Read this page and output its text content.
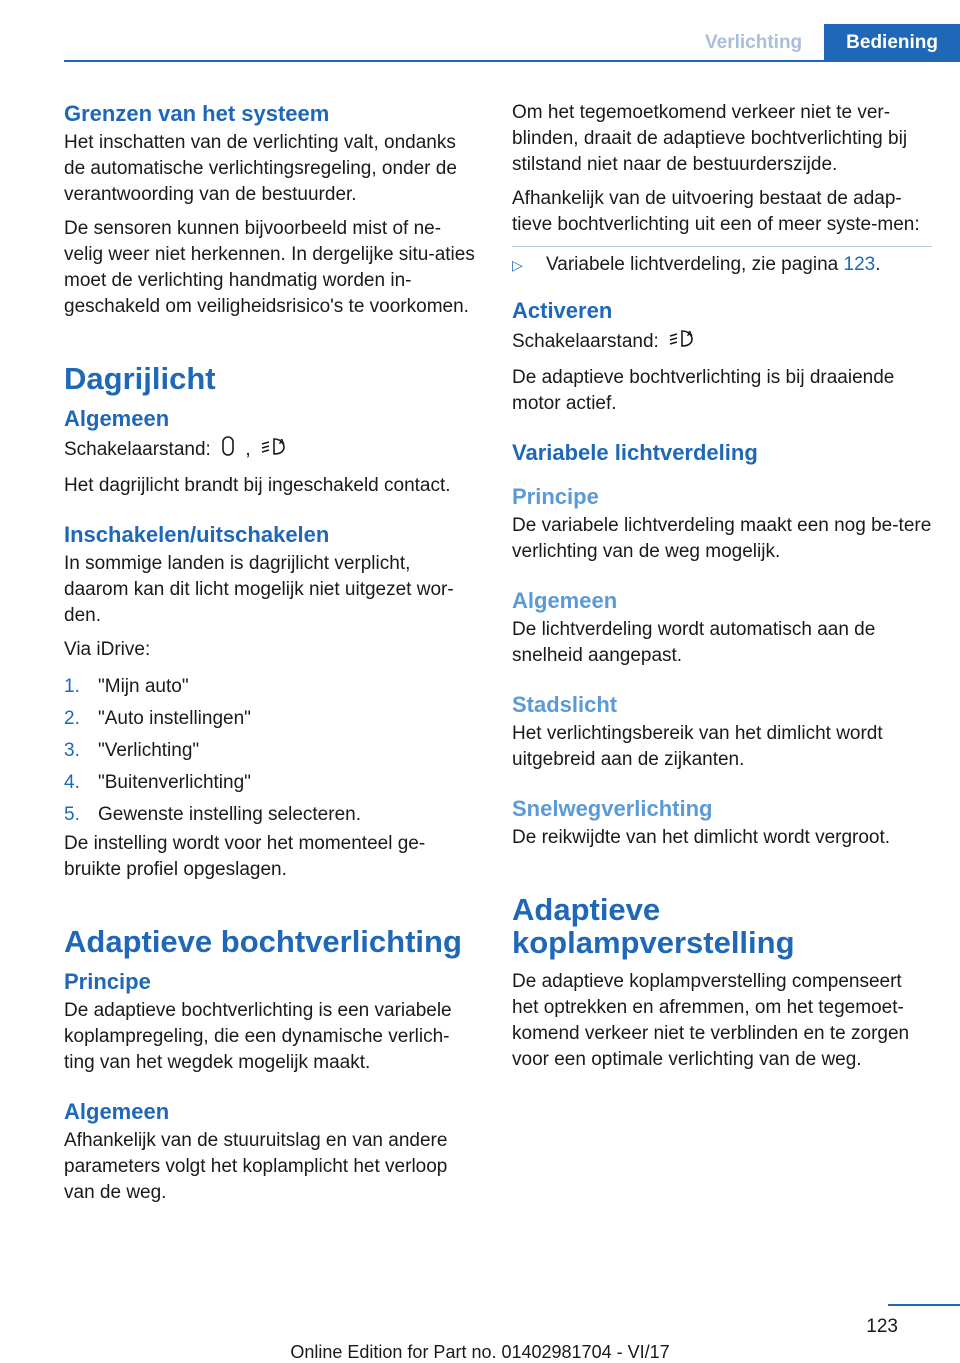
Verlichting	Bediening
Grenzen van het systeem

Het inschatten van de verlichting valt, ondanks de automatische verlichtingsregeling, onder de verantwoording van de bestuurder.

De sensoren kunnen bijvoorbeeld mist of ne-velig weer niet herkennen. In dergelijke situ-aties moet de verlichting handmatig worden in-geschakeld om veiligheidsrisico's te voorkomen.

Dagrijlicht
Algemeen

Schakelaarstand: ,	A

Het dagrijlicht brandt bij ingeschakeld contact.

Inschakelen/uitschakelen

In sommige landen is dagrijlicht verplicht, daarom kan dit licht mogelijk niet uitgezet wor-den.

Via iDrive:

1. "Mijn auto"
2. "Auto instellingen"
3. "Verlichting"
4. "Buitenverlichting"
5. Gewenste instelling selecteren.

De instelling wordt voor het momenteel ge-bruikte profiel opgeslagen.

Adaptieve bochtverlichting
Principe

De adaptieve bochtverlichting is een variabele koplampregeling, die een dynamische verlich-ting van het wegdek mogelijk maakt.

Algemeen

Afhankelijk van de stuuruitslag en van andere parameters volgt het koplamplicht het verloop van de weg.

Om het tegemoetkomend verkeer niet te ver-blinden, draait de adaptieve bochtverlichting bij stilstand niet naar de bestuurderszijde.

Afhankelijk van de uitvoering bestaat de adap-tieve bochtverlichting uit een of meer syste-men:

▷	Variabele lichtverdeling, zie pagina 123.
Activeren

Schakelaarstand:	A

De adaptieve bochtverlichting is bij draaiende motor actief.

Variabele lichtverdeling
Principe

De variabele lichtverdeling maakt een nog be-tere verlichting van de weg mogelijk.

Algemeen

De lichtverdeling wordt automatisch aan de snelheid aangepast.

Stadslicht

Het verlichtingsbereik van het dimlicht wordt uitgebreid aan de zijkanten.

Snelwegverlichting

De reikwijdte van het dimlicht wordt vergroot.

Adaptieve
koplampverstelling

De adaptieve koplampverstelling compenseert het optrekken en afremmen, om het tegemoet-komend verkeer niet te verblinden en te zorgen voor een optimale verlichting van de weg.

123
Online Edition for Part no. 01402981704 - VI/17
